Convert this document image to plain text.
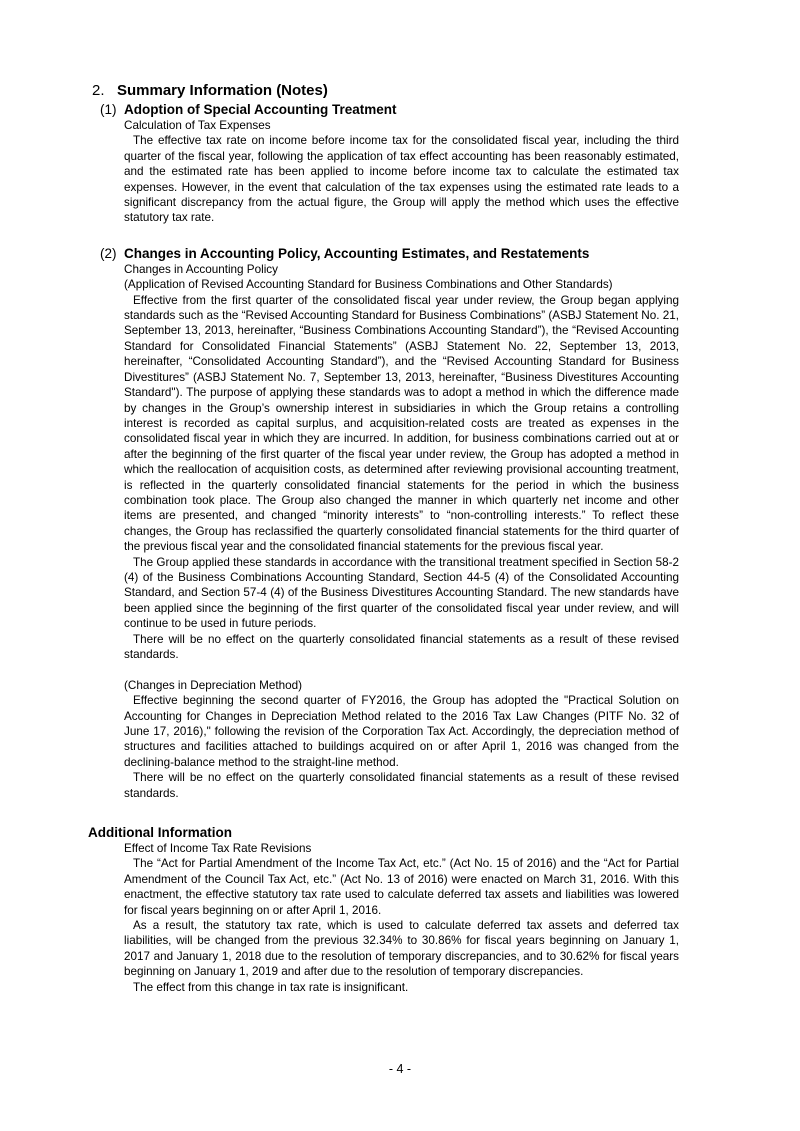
2. Summary Information (Notes)
(1) Adoption of Special Accounting Treatment

Calculation of Tax Expenses

The effective tax rate on income before income tax for the consolidated fiscal year, including the third quarter of the fiscal year, following the application of tax effect accounting has been reasonably estimated, and the estimated rate has been applied to income before income tax to calculate the estimated tax expenses. However, in the event that calculation of the tax expenses using the estimated rate leads to a significant discrepancy from the actual figure, the Group will apply the method which uses the effective statutory tax rate.

(2) Changes in Accounting Policy, Accounting Estimates, and Restatements

Changes in Accounting Policy

(Application of Revised Accounting Standard for Business Combinations and Other Standards)

Effective from the first quarter of the consolidated fiscal year under review, the Group began applying standards such as the “Revised Accounting Standard for Business Combinations” (ASBJ Statement No. 21, September 13, 2013, hereinafter, “Business Combinations Accounting Standard”), the “Revised Accounting Standard for Consolidated Financial Statements” (ASBJ Statement No. 22, September 13, 2013, hereinafter, “Consolidated Accounting Standard”), and the “Revised Accounting Standard for Business Divestitures” (ASBJ Statement No. 7, September 13, 2013, hereinafter, “Business Divestitures Accounting Standard"). The purpose of applying these standards was to adopt a method in which the difference made by changes in the Group’s ownership interest in subsidiaries in which the Group retains a controlling interest is recorded as capital surplus, and acquisition-related costs are treated as expenses in the consolidated fiscal year in which they are incurred. In addition, for business combinations carried out at or after the beginning of the first quarter of the fiscal year under review, the Group has adopted a method in which the reallocation of acquisition costs, as determined after reviewing provisional accounting treatment, is reflected in the quarterly consolidated financial statements for the period in which the business combination took place. The Group also changed the manner in which quarterly net income and other items are presented, and changed “minority interests” to “non-controlling interests.” To reflect these changes, the Group has reclassified the quarterly consolidated financial statements for the third quarter of the previous fiscal year and the consolidated financial statements for the previous fiscal year.

The Group applied these standards in accordance with the transitional treatment specified in Section 58-2 (4) of the Business Combinations Accounting Standard, Section 44-5 (4) of the Consolidated Accounting Standard, and Section 57-4 (4) of the Business Divestitures Accounting Standard. The new standards have been applied since the beginning of the first quarter of the consolidated fiscal year under review, and will continue to be used in future periods.

There will be no effect on the quarterly consolidated financial statements as a result of these revised standards.

(Changes in Depreciation Method)

Effective beginning the second quarter of FY2016, the Group has adopted the "Practical Solution on Accounting for Changes in Depreciation Method related to the 2016 Tax Law Changes (PITF No. 32 of June 17, 2016)," following the revision of the Corporation Tax Act. Accordingly, the depreciation method of structures and facilities attached to buildings acquired on or after April 1, 2016 was changed from the declining-balance method to the straight-line method.

There will be no effect on the quarterly consolidated financial statements as a result of these revised standards.

Additional Information

Effect of Income Tax Rate Revisions

The “Act for Partial Amendment of the Income Tax Act, etc.” (Act No. 15 of 2016) and the “Act for Partial Amendment of the Council Tax Act, etc.” (Act No. 13 of 2016) were enacted on March 31, 2016. With this enactment, the effective statutory tax rate used to calculate deferred tax assets and liabilities was lowered for fiscal years beginning on or after April 1, 2016.

As a result, the statutory tax rate, which is used to calculate deferred tax assets and deferred tax liabilities, will be changed from the previous 32.34% to 30.86% for fiscal years beginning on January 1, 2017 and January 1, 2018 due to the resolution of temporary discrepancies, and to 30.62% for fiscal years beginning on January 1, 2019 and after due to the resolution of temporary discrepancies.

The effect from this change in tax rate is insignificant.

- 4 -
